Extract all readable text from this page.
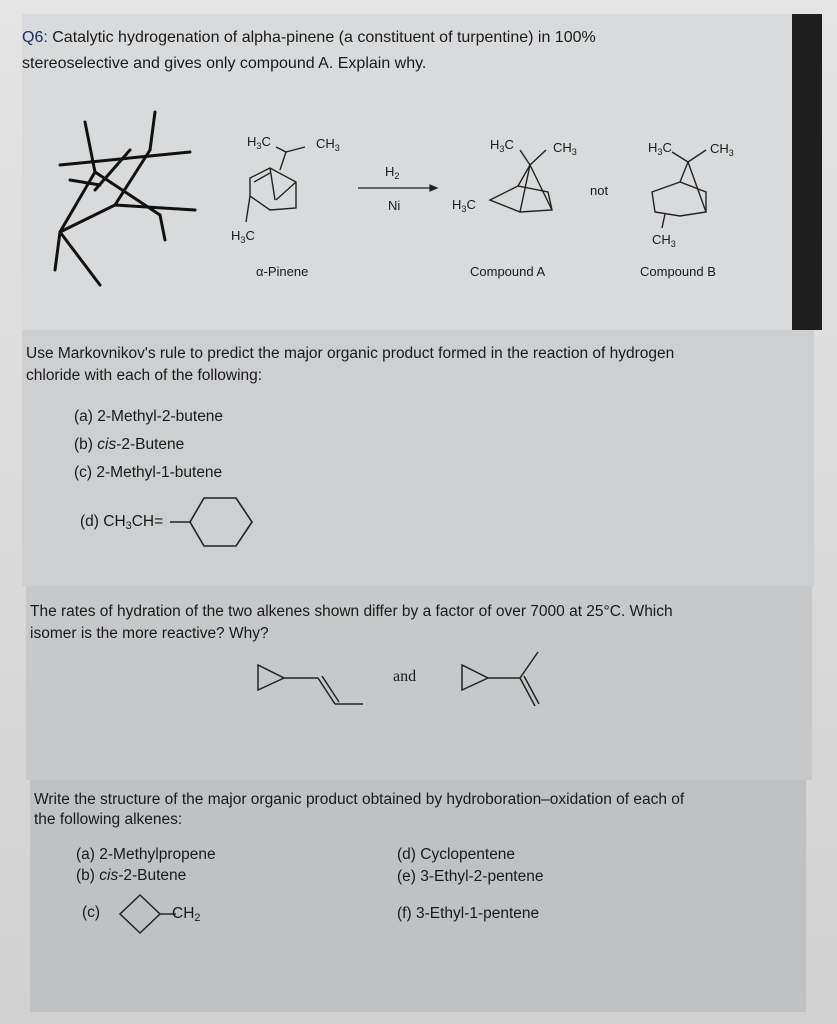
Q6: Catalytic hydrogenation of alpha-pinene (a constituent of turpentine) in 100%
stereoselective and gives only compound A. Explain why.
$H_3C$	$CH_3$
$H_3C$
α-Pinene
$H_2$
Ni
$H_3C$	$CH_3$
$H_3C$
Compound A
not
$H_3C$	$CH_3$
$CH_3$
Compound B
Use Markovnikov's rule to predict the major organic product formed in the reaction of hydrogen
chloride with each of the following:
(a) 2-Methyl-2-butene
(b) cis-2-Butene
(c) 2-Methyl-1-butene
(d) $CH_3CH=$
The rates of hydration of the two alkenes shown differ by a factor of over 7000 at 25°C. Which
isomer is the more reactive? Why?
and
Write the structure of the major organic product obtained by hydroboration–oxidation of each of
the following alkenes:
(a) 2-Methylpropene
(b) cis-2-Butene
(c)	$CH_2$
(d) Cyclopentene
(e) 3-Ethyl-2-pentene
(f) 3-Ethyl-1-pentene
